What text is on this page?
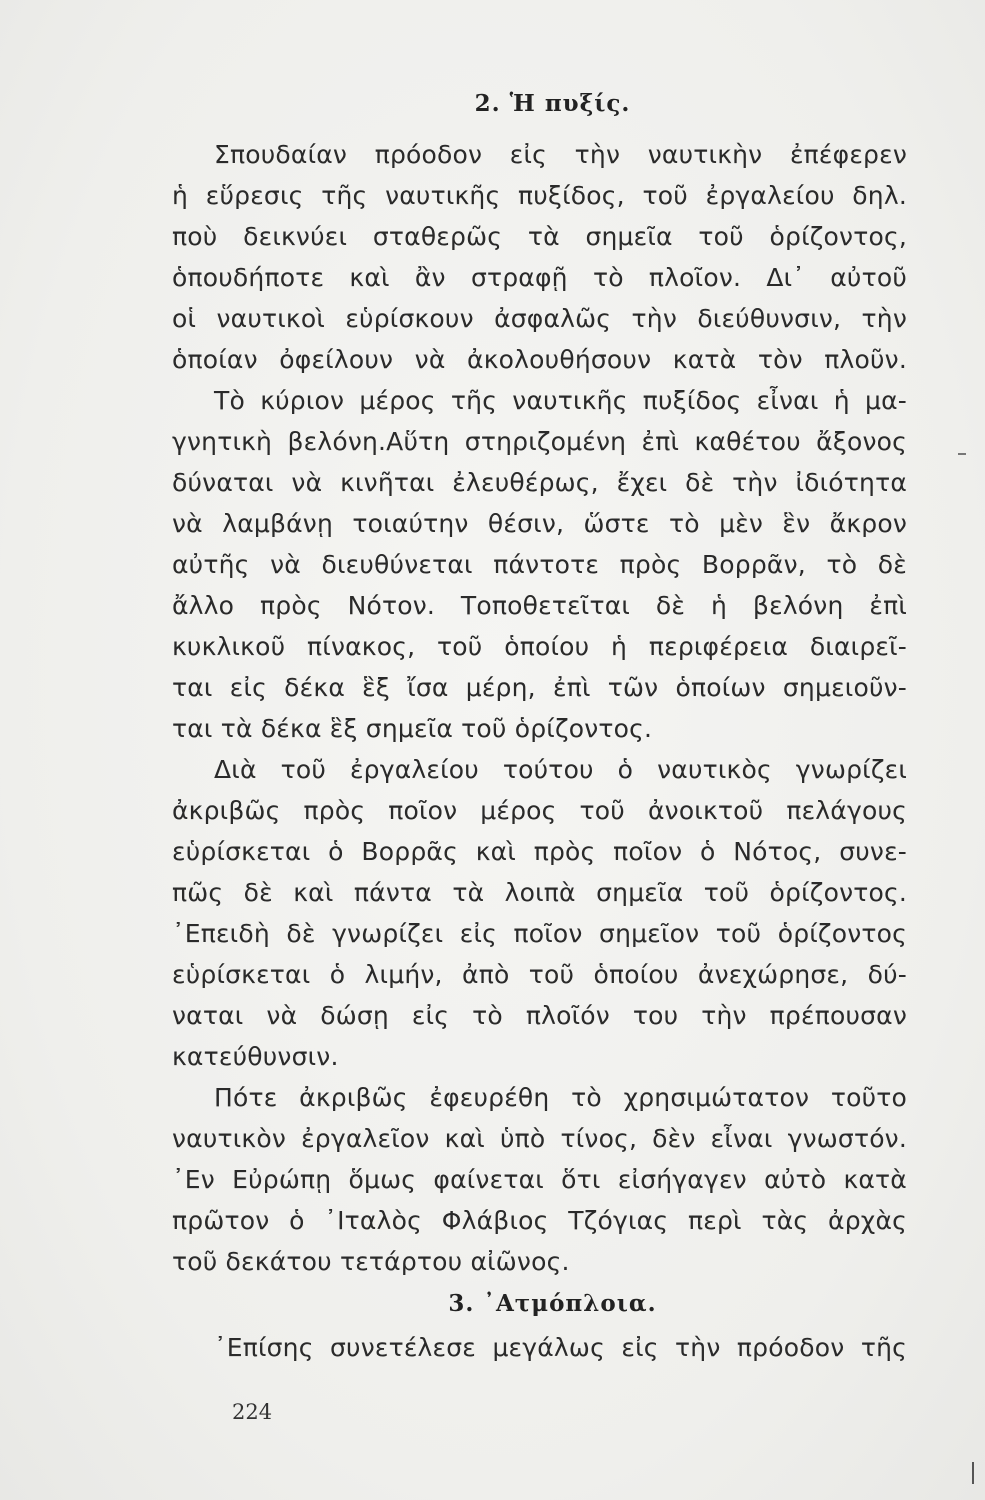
2. Ἡ πυξίς.
Σπουδαίαν πρόοδον εἰς τὴν ναυτικὴν ἐπέφερεν
ἡ εὕρεσις τῆς ναυτικῆς πυξίδος, τοῦ ἐργαλείου δηλ.
ποὺ δεικνύει σταθερῶς τὰ σημεῖα τοῦ ὁρίζοντος,
ὁπουδήποτε καὶ ἂν στραφῇ τὸ πλοῖον. Δι᾽ αὐτοῦ
οἱ ναυτικοὶ εὑρίσκουν ἀσφαλῶς τὴν διεύθυνσιν, τὴν
ὁποίαν ὀφείλουν νὰ ἀκολουθήσουν κατὰ τὸν πλοῦν.
Τὸ κύριον μέρος τῆς ναυτικῆς πυξίδος εἶναι ἡ μα-
γνητικὴ βελόνη.Αὕτη στηριζομένη ἐπὶ καθέτου ἄξονος
δύναται νὰ κινῆται ἐλευθέρως, ἔχει δὲ τὴν ἰδιότητα
νὰ λαμβάνῃ τοιαύτην θέσιν, ὥστε τὸ μὲν ἓν ἄκρον
αὐτῆς νὰ διευθύνεται πάντοτε πρὸς Βορρᾶν, τὸ δὲ
ἄλλο πρὸς Νότον. Τοποθετεῖται δὲ ἡ βελόνη ἐπὶ
κυκλικοῦ πίνακος, τοῦ ὁποίου ἡ περιφέρεια διαιρεῖ-
ται εἰς δέκα ἓξ ἴσα μέρη, ἐπὶ τῶν ὁποίων σημειοῦν-
ται τὰ δέκα ἓξ σημεῖα τοῦ ὁρίζοντος.
Διὰ τοῦ ἐργαλείου τούτου ὁ ναυτικὸς γνωρίζει
ἀκριβῶς πρὸς ποῖον μέρος τοῦ ἀνοικτοῦ πελάγους
εὑρίσκεται ὁ Βορρᾶς καὶ πρὸς ποῖον ὁ Νότος, συνε-
πῶς δὲ καὶ πάντα τὰ λοιπὰ σημεῖα τοῦ ὁρίζοντος.
᾽Επειδὴ δὲ γνωρίζει εἰς ποῖον σημεῖον τοῦ ὁρίζοντος
εὑρίσκεται ὁ λιμήν, ἀπὸ τοῦ ὁποίου ἀνεχώρησε, δύ-
ναται νὰ δώσῃ εἰς τὸ πλοῖόν του τὴν πρέπουσαν
κατεύθυνσιν.
Πότε ἀκριβῶς ἐφευρέθη τὸ χρησιμώτατον τοῦτο
ναυτικὸν ἐργαλεῖον καὶ ὑπὸ τίνος, δὲν εἶναι γνωστόν.
᾽Εν Εὐρώπῃ ὅμως φαίνεται ὅτι εἰσήγαγεν αὐτὸ κατὰ
πρῶτον ὁ ᾽Ιταλὸς Φλάβιος Τζόγιας περὶ τὰς ἀρχὰς
τοῦ δεκάτου τετάρτου αἰῶνος.
3. ᾽Ατμόπλοια.
᾽Επίσης συνετέλεσε μεγάλως εἰς τὴν πρόοδον τῆς
224
